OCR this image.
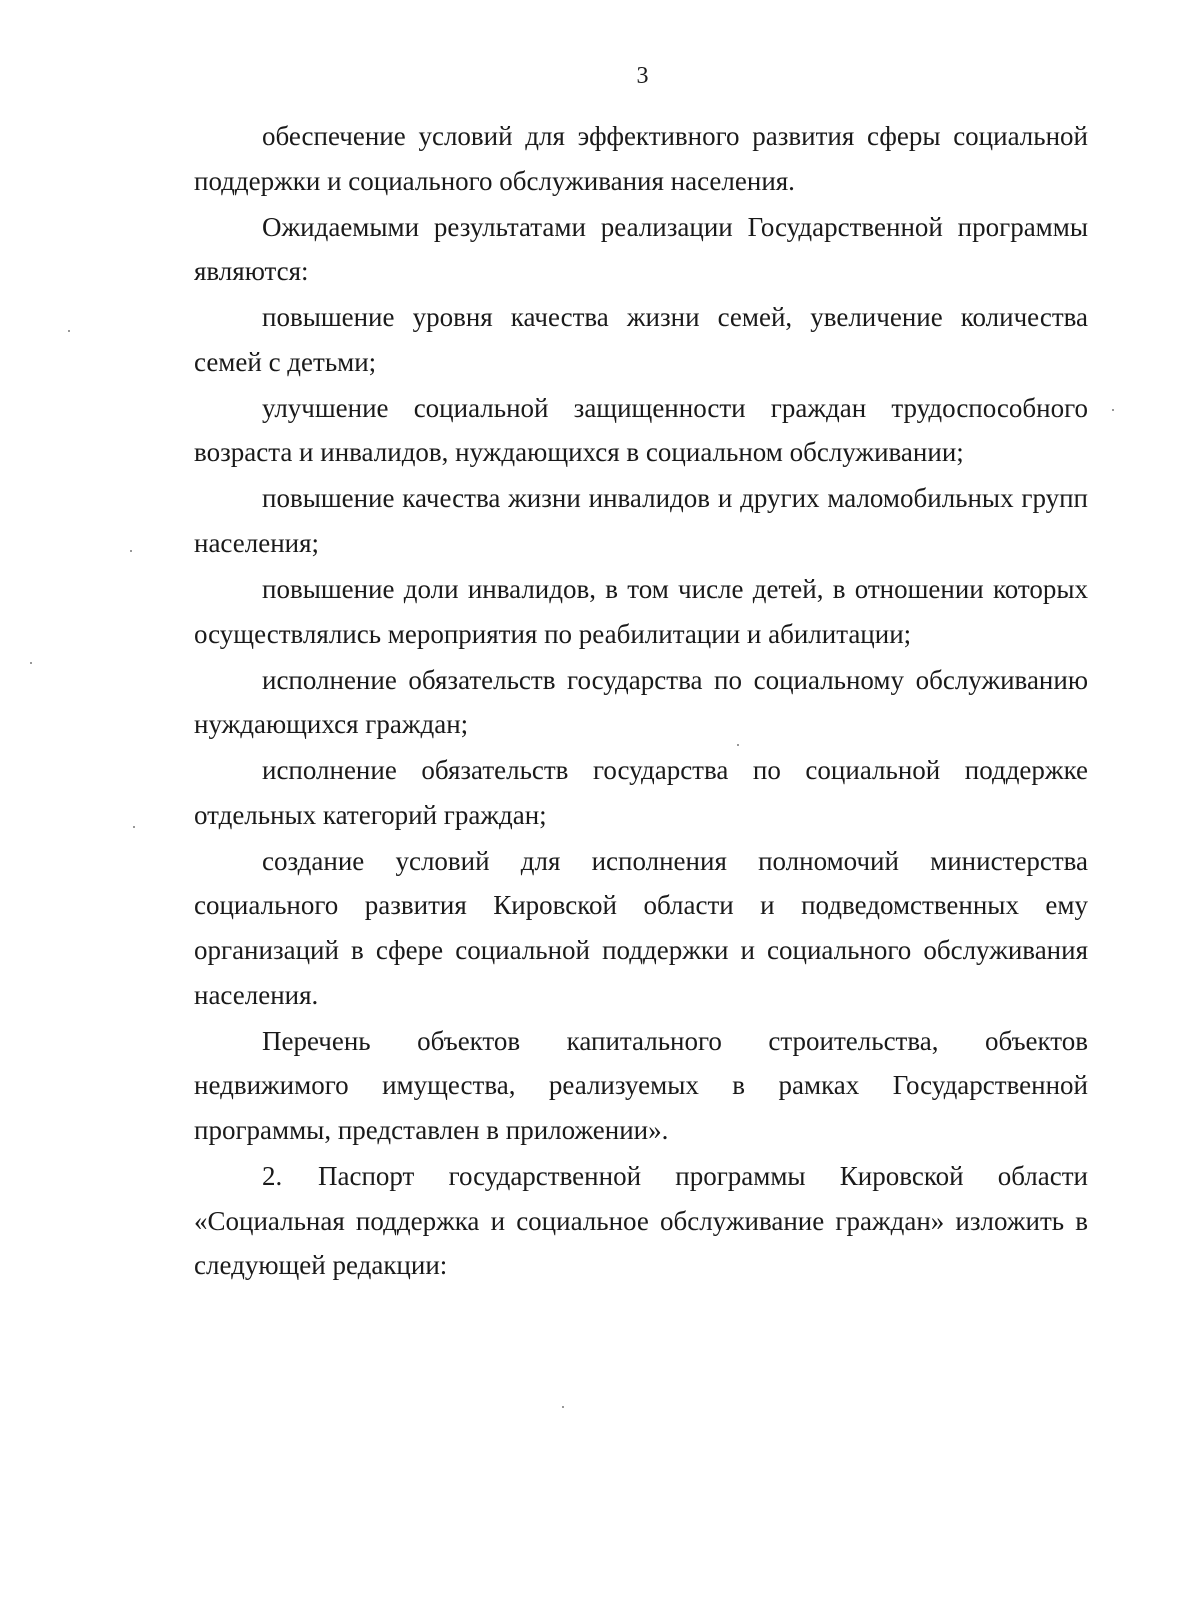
3

обеспечение условий для эффективного развития сферы социальной поддержки и социального обслуживания населения.

Ожидаемыми результатами реализации Государственной программы являются:

повышение уровня качества жизни семей, увеличение количества семей с детьми;

улучшение социальной защищенности граждан трудоспособного возраста и инвалидов, нуждающихся в социальном обслуживании;

повышение качества жизни инвалидов и других маломобильных групп населения;

повышение доли инвалидов, в том числе детей, в отношении которых осуществлялись мероприятия по реабилитации и абилитации;

исполнение обязательств государства по социальному обслуживанию нуждающихся граждан;

исполнение обязательств государства по социальной поддержке отдельных категорий граждан;

создание условий для исполнения полномочий министерства социального развития Кировской области и подведомственных ему организаций в сфере социальной поддержки и социального обслуживания населения.

Перечень объектов капитального строительства, объектов недвижимого имущества, реализуемых в рамках Государственной программы, представлен в приложении».

2. Паспорт государственной программы Кировской области «Социальная поддержка и социальное обслуживание граждан» изложить в следующей редакции:
